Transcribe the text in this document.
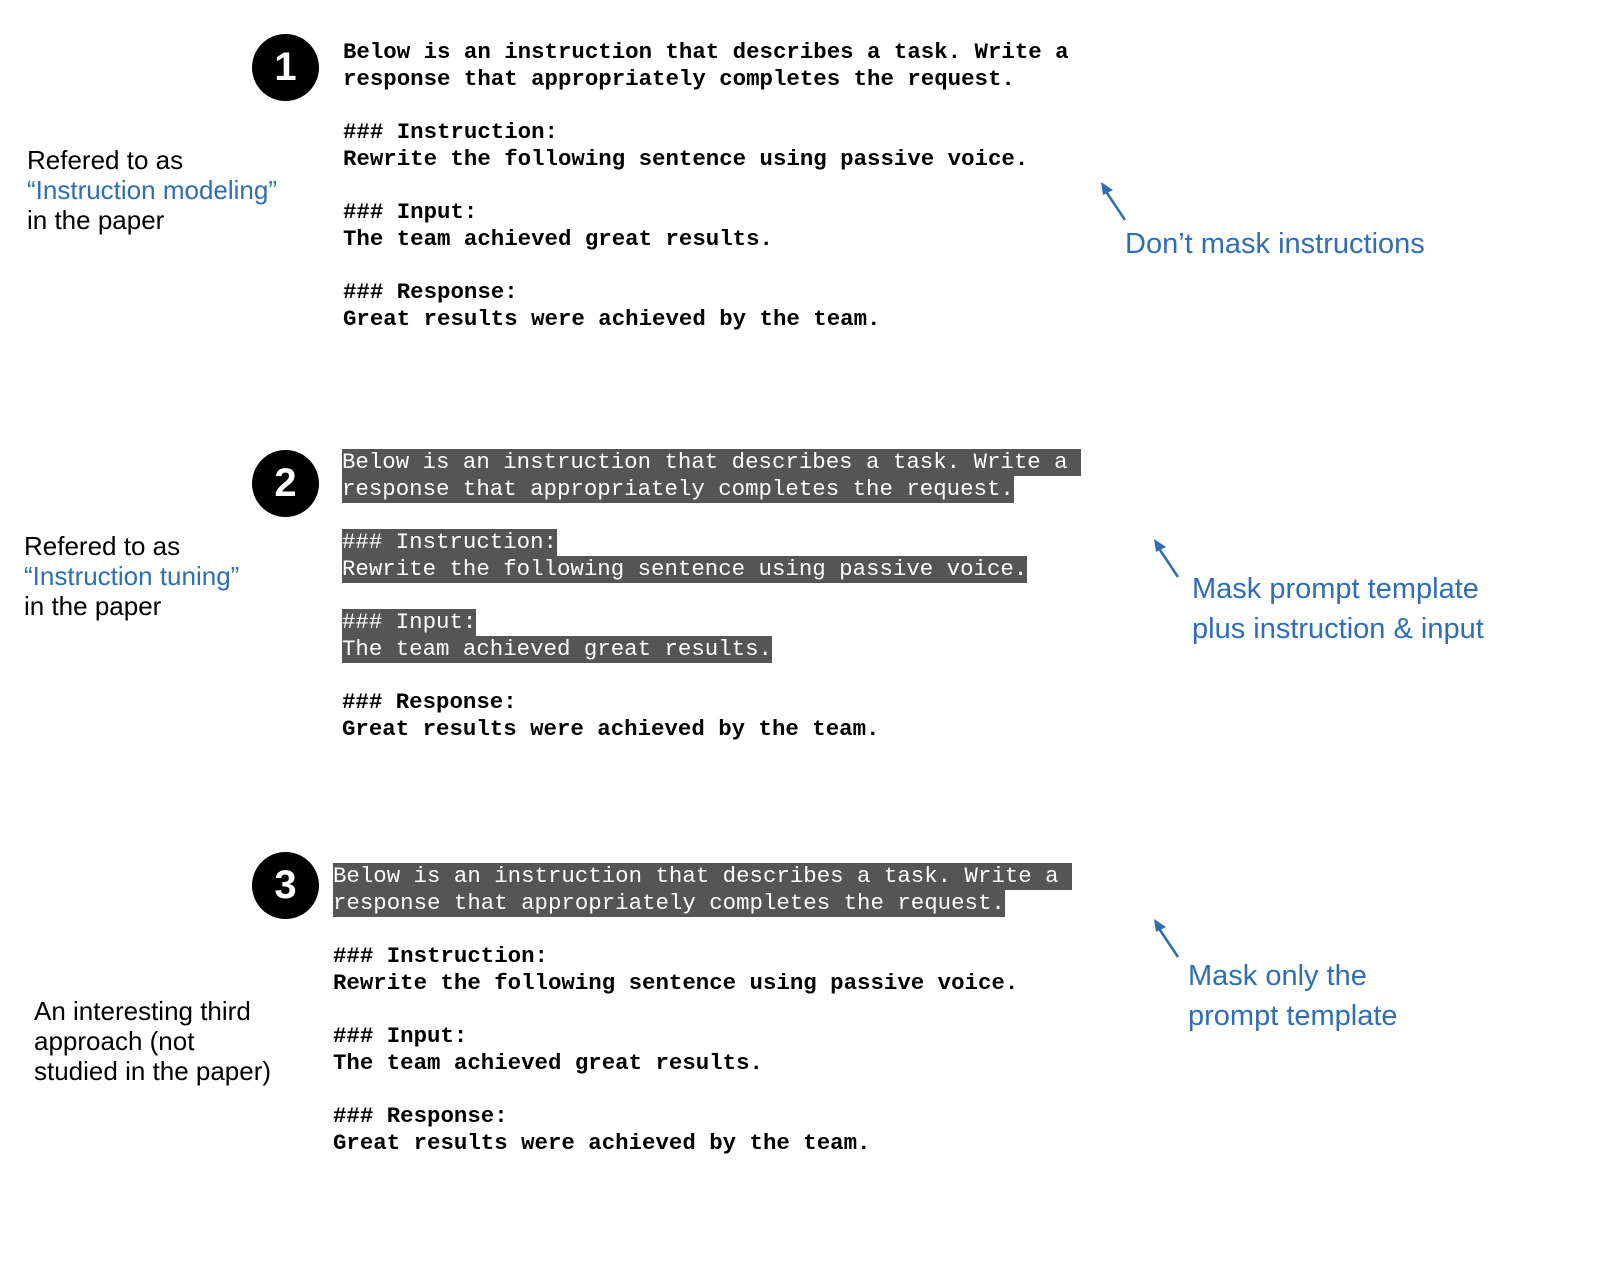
1
Refered to as
“Instruction modeling”
in the paper
Below is an instruction that describes a task. Write a
response that appropriately completes the request.
### Instruction:
Rewrite the following sentence using passive voice.
### Input:
The team achieved great results.
### Response:
Great results were achieved by the team.
Don’t mask instructions
2
Refered to as
“Instruction tuning”
in the paper
Below is an instruction that describes a task. Write a
response that appropriately completes the request.
### Instruction:
Rewrite the following sentence using passive voice.
### Input:
The team achieved great results.
### Response:
Great results were achieved by the team.
Mask prompt template
plus instruction & input
3
An interesting third
approach (not
studied in the paper)
Below is an instruction that describes a task. Write a
response that appropriately completes the request.
### Instruction:
Rewrite the following sentence using passive voice.
### Input:
The team achieved great results.
### Response:
Great results were achieved by the team.
Mask only the
prompt template
